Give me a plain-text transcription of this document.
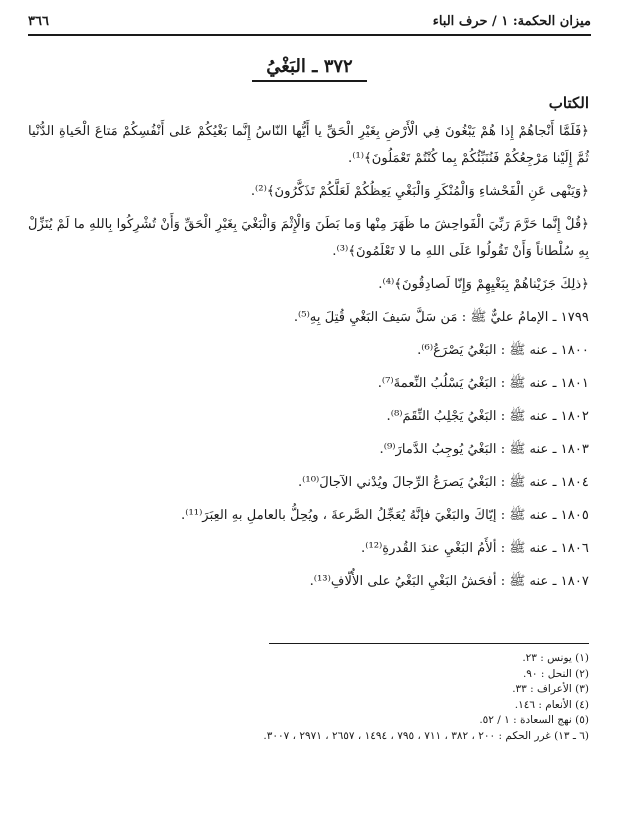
ميزان الحكمة: ١ / حرف الباء
٣٦٦
٣٧٢ ـ البَغْيُ
الكتاب

﴿فَلَمَّا أَنْجاهُمْ إِذا هُمْ يَبْغُونَ فِي الْأَرْضِ بِغَيْرِ الْحَقِّ يا أَيُّها النّاسُ إِنَّما بَغْيُكُمْ عَلى أَنْفُسِكُمْ مَتاعَ الْحَياةِ الدُّنْيا ثُمَّ إِلَيْنا مَرْجِعُكُمْ فَنُنَبِّئُكُمْ بِما كُنْتُمْ تَعْمَلُونَ﴾⁽¹⁾.

﴿وَيَنْهى عَنِ الْفَحْشاءِ وَالْمُنْكَرِ وَالْبَغْيِ يَعِظُكُمْ لَعَلَّكُمْ تَذَكَّرُونَ﴾⁽²⁾.

﴿قُلْ إِنَّما حَرَّمَ رَبِّيَ الْفَواحِشَ ما ظَهَرَ مِنْها وَما بَطَنَ وَالْإِثْمَ وَالْبَغْيَ بِغَيْرِ الْحَقِّ وَأَنْ تُشْرِكُوا بِاللهِ ما لَمْ يُنَزِّلْ بِهِ سُلْطاناً وَأَنْ تَقُولُوا عَلَى اللهِ ما لا تَعْلَمُونَ﴾⁽³⁾.

﴿ذلِكَ جَزَيْناهُمْ بِبَغْيِهِمْ وَإِنّا لَصادِقُونَ﴾⁽⁴⁾.

١٧٩٩ ـ الإمامُ عليٌّ ﷺ : مَن سَلَّ سَيفَ البَغْيِ قُتِلَ بِهِ⁽⁵⁾.

١٨٠٠ ـ عنه ﷺ : البَغْيُ يَصْرَعُ⁽⁶⁾.

١٨٠١ ـ عنه ﷺ : البَغْيُ يَسْلُبُ النِّعمةَ⁽⁷⁾.

١٨٠٢ ـ عنه ﷺ : البَغْيُ يَجْلِبُ النِّقَمَ⁽⁸⁾.

١٨٠٣ ـ عنه ﷺ : البَغْيُ يُوجِبُ الدَّمارَ⁽⁹⁾.

١٨٠٤ ـ عنه ﷺ : البَغْيُ يَصرَعُ الرِّجالَ ويُدْني الآجالَ⁽¹⁰⁾.

١٨٠٥ ـ عنه ﷺ : إيّاكَ والبَغْيَ فإنَّهُ يُعَجِّلُ الصَّرعةَ ، ويُحِلُّ بالعاملِ بهِ العِبَرَ⁽¹¹⁾.

١٨٠٦ ـ عنه ﷺ : ألأَمُ البَغْيِ عندَ القُدرةِ⁽¹²⁾.

١٨٠٧ ـ عنه ﷺ : أفحَشُ البَغْيِ البَغْيُ على الأُلّافِ⁽¹³⁾.

(١) يونس : ٢٣.

(٢) النحل : ٩٠.

(٣) الأعراف : ٣٣.

(٤) الأنعام : ١٤٦.

(٥) نهج السعادة : ١ / ٥٢.

(٦ ـ ١٣) غرر الحكم : ٢٠٠ ، ٣٨٢ ، ٧١١ ، ٧٩٥ ، ١٤٩٤ ، ٢٦٥٧ ، ٢٩٧١ ، ٣٠٠٧.
